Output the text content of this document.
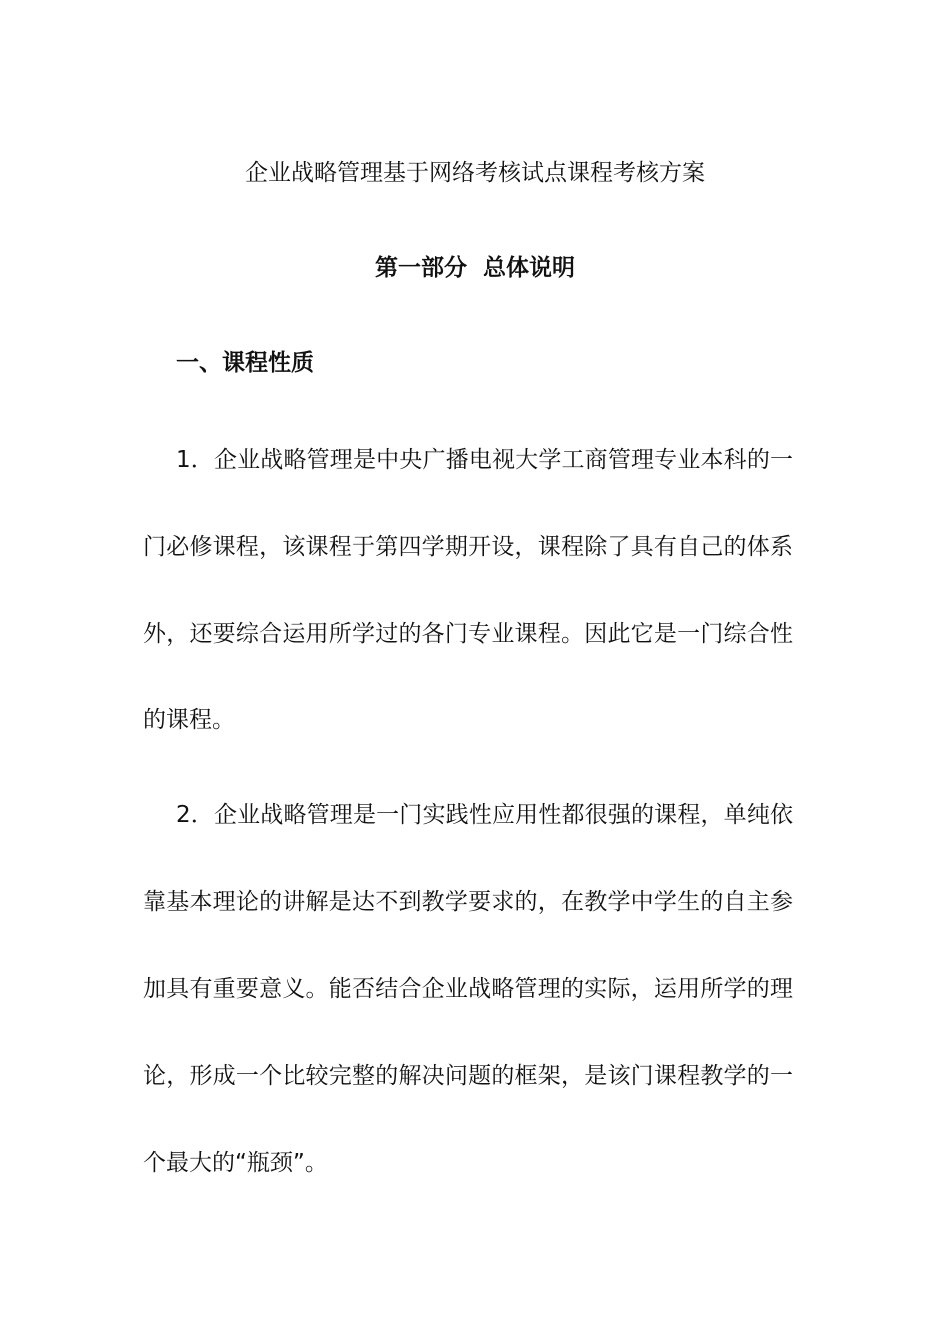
企业战略管理基于网络考核试点课程考核方案
第一部分  总体说明
一、课程性质

1．企业战略管理是中央广播电视大学工商管理专业本科的一

门必修课程，该课程于第四学期开设，课程除了具有自己的体系

外，还要综合运用所学过的各门专业课程。因此它是一门综合性

的课程。

2．企业战略管理是一门实践性应用性都很强的课程，单纯依

靠基本理论的讲解是达不到教学要求的，在教学中学生的自主参

加具有重要意义。能否结合企业战略管理的实际，运用所学的理

论，形成一个比较完整的解决问题的框架，是该门课程教学的一

个最大的“瓶颈”。
